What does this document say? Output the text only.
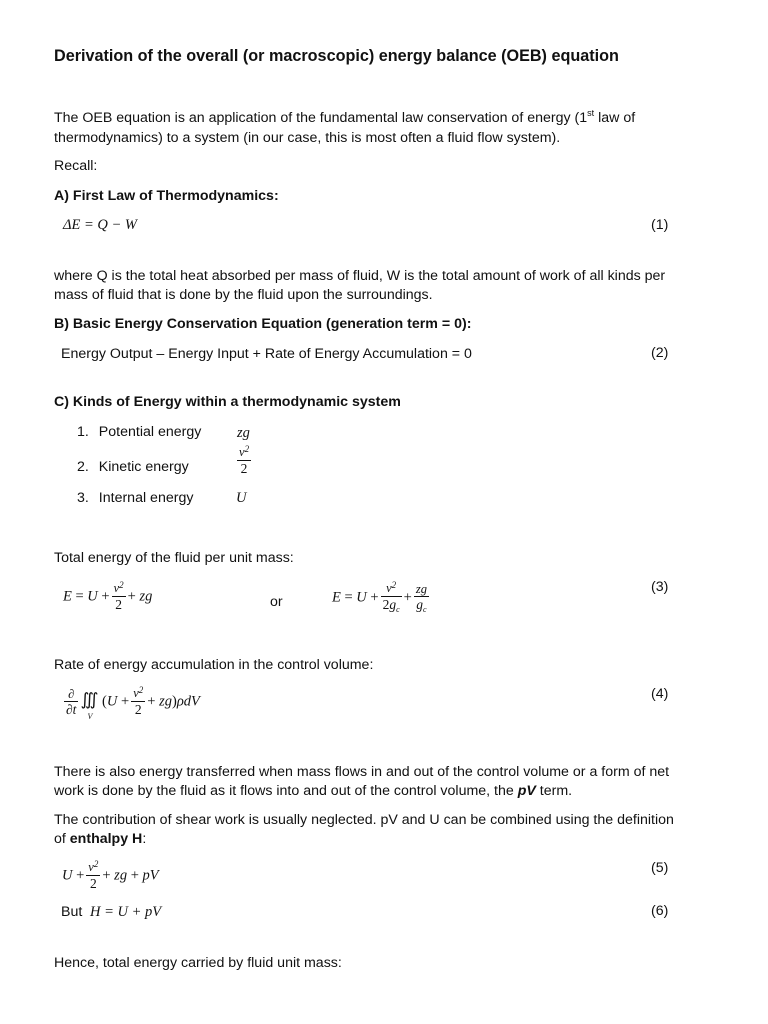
Derivation of the overall (or macroscopic) energy balance (OEB) equation
The OEB equation is an application of the fundamental law conservation of energy (1st law of
thermodynamics) to a system (in our case, this is most often a fluid flow system).
Recall:
A) First Law of Thermodynamics:
ΔE = Q − W	(1)
where Q is the total heat absorbed per mass of fluid, W is the total amount of work of all kinds per
mass of fluid that is done by the fluid upon the surroundings.
B) Basic Energy Conservation Equation (generation term = 0):
Energy Output – Energy Input + Rate of Energy Accumulation = 0	(2)
C) Kinds of Energy within a thermodynamic system
1. Potential energy zg
2. Kinetic energy	$\frac{v^2}{2}$
3. Internal energy	U
Total energy of the fluid per unit mass:
$E = U + \frac{v^2}{2}$ + zg	or	$E = U + \frac{v^2}{2g_c} + \frac{zg}{g_c}$	(3)
Rate of energy accumulation in the control volume:
$\frac{\partial}{\partial t}$ ∭
V
$(U + \frac{v^2}{2} + zg)\rho dV$	(4)
There is also energy transferred when mass flows in and out of the control volume or a form of net
work is done by the fluid as it flows into and out of the control volume, the pV term.
The contribution of shear work is usually neglected. pV and U can be combined using the definition
of enthalpy H:
$U + \frac{v^2}{2}$ + zg + pV	(5)
But H = U + pV	(6)
Hence, total energy carried by fluid unit mass:
